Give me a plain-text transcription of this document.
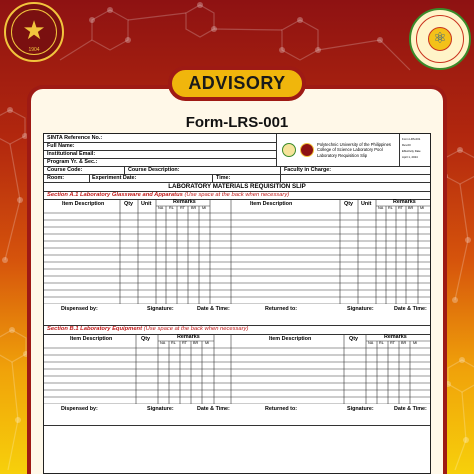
★
1904
⚛
ADVISORY
Form-LRS-001
SINTA Reference No.:
Full Name:
Institutional Email:
Program Yr. & Sec.:
Course Code:	Course Description:	Faculty in Charge:
Room:	Experiment Date:	Time:
Polytechnic University of the Philippines
College of Science Laboratory Pool
Laboratory Requisition Slip
Form LRS-001
Rev.00
Effectivity Date
April 1, 2024
LABORATORY MATERIALS REQUISITION SLIP
Section A.1 Laboratory Glassware and Apparatus (Use space at the back when necessary)
Item Description	Qty Unit	Remarks
NA RL RT BR MI
Item Description	Qty Unit	Remarks
NA RL RT BR MI
Dispensed by:	Signature:	Date & Time:	Returned to:	Signature:	Date & Time:
Section B.1 Laboratory Equipment (Use space at the back when necessary)
Item Description	Qty	Remarks
NA RL RT BR MI
Item Description	Qty	Remarks
NA RL RT BR MI
Dispensed by:	Signature:	Date & Time:	Returned to:	Signature:	Date & Time:
